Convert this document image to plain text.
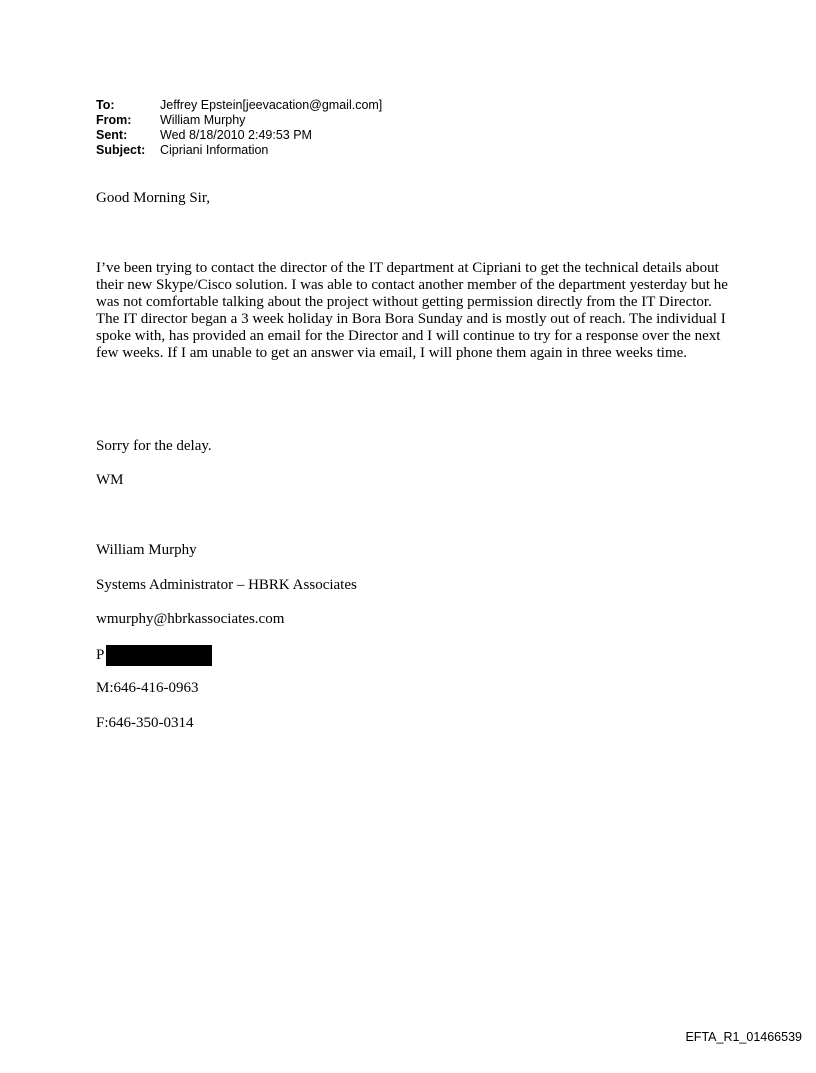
To:	Jeffrey Epstein[jeevacation@gmail.com]
From:	William Murphy
Sent:	Wed 8/18/2010 2:49:53 PM
Subject:	Cipriani Information

Good Morning Sir,

I’ve been trying to contact the director of the IT department at Cipriani to get the technical details about their new Skype/Cisco solution. I was able to contact another member of the department yesterday but he was not comfortable talking about the project without getting permission directly from the IT Director. The IT director began a 3 week holiday in Bora Bora Sunday and is mostly out of reach. The individual I spoke with, has provided an email for the Director and I will continue to try for a response over the next few weeks. If I am unable to get an answer via email, I will phone them again in three weeks time.

Sorry for the delay.

WM

William Murphy

Systems Administrator – HBRK Associates

wmurphy@hbrkassociates.com

P

M:646-416-0963

F:646-350-0314

EFTA_R1_01466539
